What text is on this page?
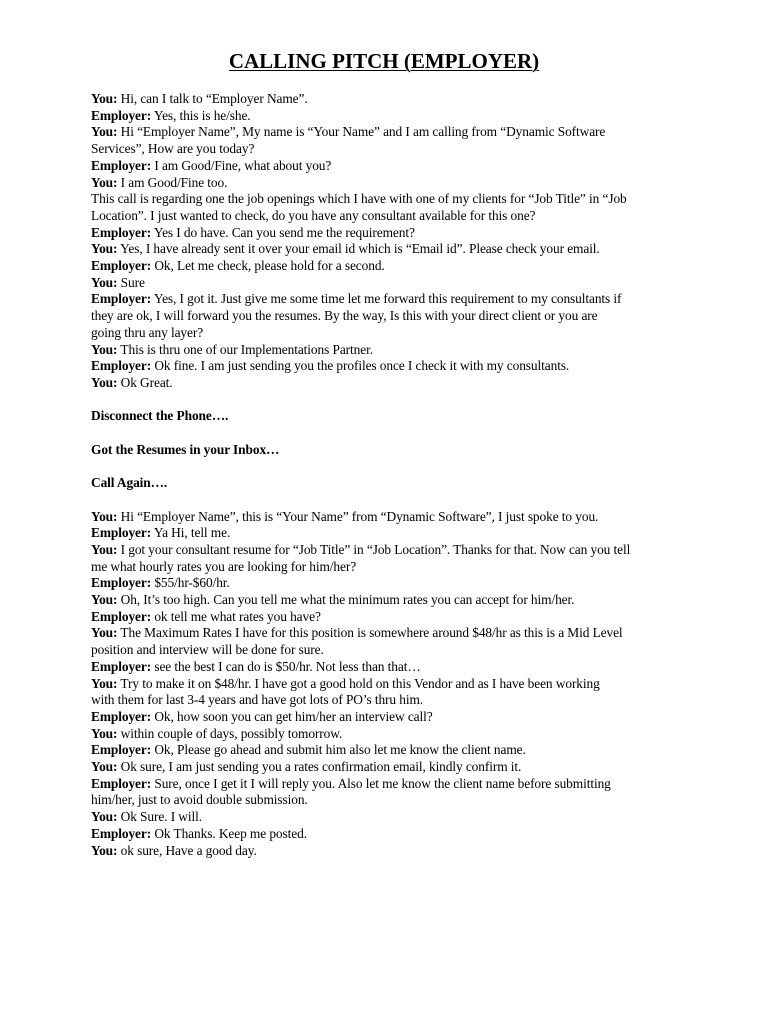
CALLING PITCH (EMPLOYER)

You: Hi, can I talk to “Employer Name”.

Employer: Yes, this is he/she.

You: Hi “Employer Name”, My name is “Your Name” and I am calling from “Dynamic Software

Services”, How are you today?

Employer: I am Good/Fine, what about you?

You: I am Good/Fine too.

This call is regarding one the job openings which I have with one of my clients for “Job Title” in “Job

Location”. I just wanted to check, do you have any consultant available for this one?

Employer: Yes I do have. Can you send me the requirement?

You: Yes, I have already sent it over your email id which is “Email id”. Please check your email.

Employer: Ok, Let me check, please hold for a second.

You: Sure

Employer: Yes, I got it. Just give me some time let me forward this requirement to my consultants if

they are ok, I will forward you the resumes. By the way, Is this with your direct client or you are

going thru any layer?

You: This is thru one of our Implementations Partner.

Employer: Ok fine. I am just sending you the profiles once I check it with my consultants.

You: Ok Great.

Disconnect the Phone….

Got the Resumes in your Inbox…

Call Again….

You: Hi “Employer Name”, this is “Your Name” from “Dynamic Software”, I just spoke to you.

Employer: Ya Hi, tell me.

You: I got your consultant resume for “Job Title” in “Job Location”. Thanks for that. Now can you tell

me what hourly rates you are looking for him/her?

Employer: $55/hr-$60/hr.

You: Oh, It’s too high. Can you tell me what the minimum rates you can accept for him/her.

Employer: ok tell me what rates you have?

You: The Maximum Rates I have for this position is somewhere around $48/hr as this is a Mid Level

position and interview will be done for sure.

Employer: see the best I can do is $50/hr. Not less than that…

You: Try to make it on $48/hr. I have got a good hold on this Vendor and as I have been working

with them for last 3-4 years and have got lots of PO’s thru him.

Employer: Ok, how soon you can get him/her an interview call?

You: within couple of days, possibly tomorrow.

Employer: Ok, Please go ahead and submit him also let me know the client name.

You: Ok sure, I am just sending you a rates confirmation email, kindly confirm it.

Employer: Sure, once I get it I will reply you. Also let me know the client name before submitting

him/her, just to avoid double submission.

You: Ok Sure. I will.

Employer: Ok Thanks. Keep me posted.

You: ok sure, Have a good day.
